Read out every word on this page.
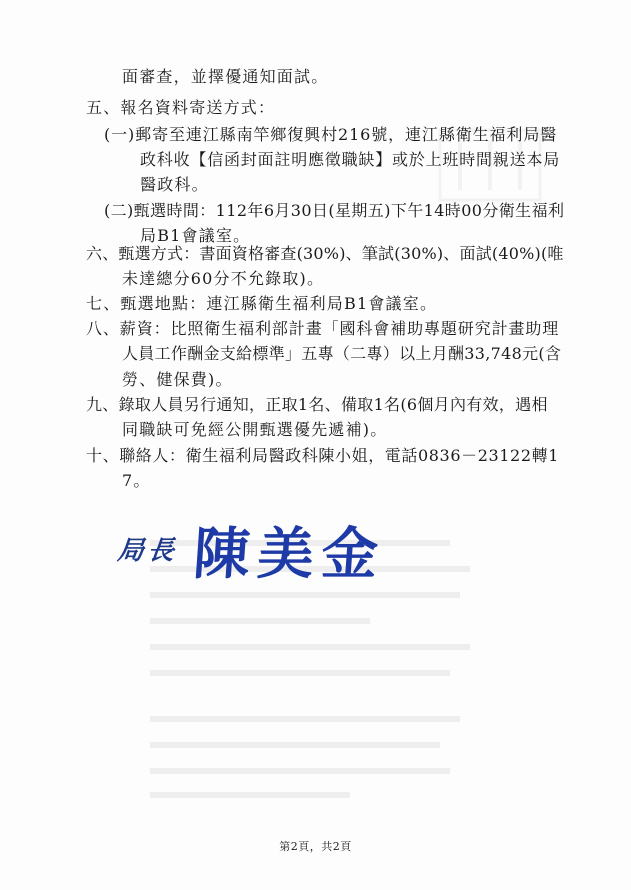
面審查，並擇優通知面試。
五、報名資料寄送方式：
(一)郵寄至連江縣南竿鄉復興村216號，連江縣衛生福利局醫
政科收【信函封面註明應徵職缺】或於上班時間親送本局
醫政科。
(二)甄選時間：112年6月30日(星期五)下午14時00分衛生福利
局B1會議室。
六、甄選方式：書面資格審查(30%)、筆試(30%)、面試(40%)(唯
未達總分60分不允錄取)。
七、甄選地點：連江縣衛生福利局B1會議室。
八、薪資：比照衛生福利部計畫「國科會補助專題研究計畫助理
人員工作酬金支給標準」五專（二專）以上月酬33,748元(含
勞、健保費)。
九、錄取人員另行通知，正取1名、備取1名(6個月內有效，遇相
同職缺可免經公開甄選優先遞補)。
十、聯絡人：衛生福利局醫政科陳小姐，電話0836－23122轉1
7。
局長 陳美金
第2頁，共2頁
